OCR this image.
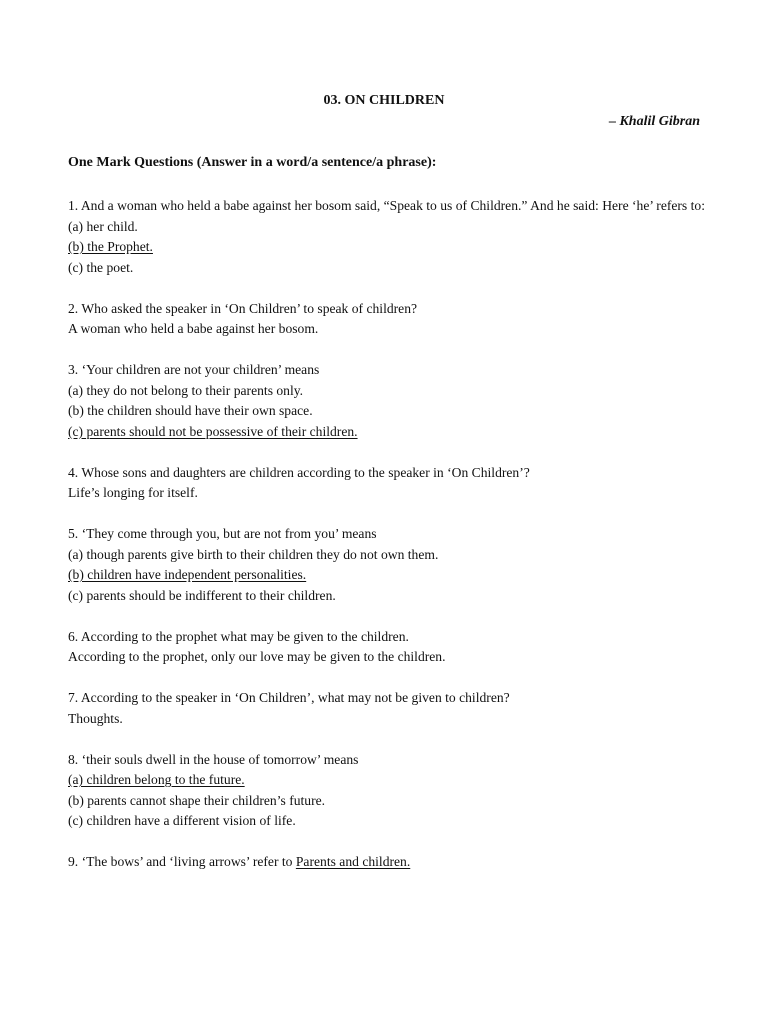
03. ON CHILDREN
– Khalil Gibran
One Mark Questions (Answer in a word/a sentence/a phrase):
1. And a woman who held a babe against her bosom said, “Speak to us of Children.” And he said: Here ‘he’ refers to:
(a) her child.
(b) the Prophet.
(c) the poet.
2. Who asked the speaker in ‘On Children’ to speak of children?
A woman who held a babe against her bosom.
3. ‘Your children are not your children’ means
(a) they do not belong to their parents only.
(b) the children should have their own space.
(c) parents should not be possessive of their children.
4. Whose sons and daughters are children according to the speaker in ‘On Children’?
Life’s longing for itself.
5. ‘They come through you, but are not from you’ means
(a) though parents give birth to their children they do not own them.
(b) children have independent personalities.
(c) parents should be indifferent to their children.
6. According to the prophet what may be given to the children.
According to the prophet, only our love may be given to the children.
7. According to the speaker in ‘On Children’, what may not be given to children?
Thoughts.
8. ‘their souls dwell in the house of tomorrow’ means
(a) children belong to the future.
(b) parents cannot shape their children’s future.
(c) children have a different vision of life.
9. ‘The bows’ and ‘living arrows’ refer to Parents and children.
